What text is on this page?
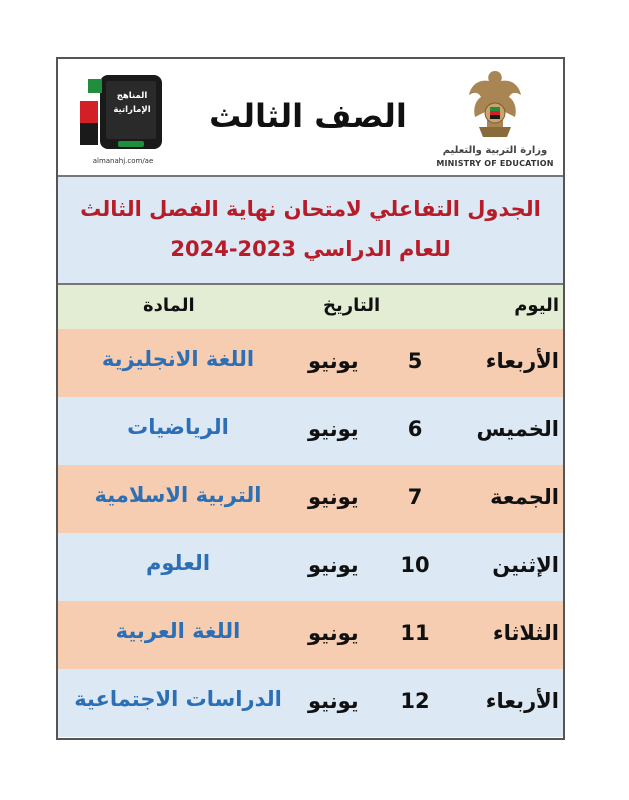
المناهج الإماراتية
almanahj.com/ae
الصف الثالث
وزارة التربية والتعليم
MINISTRY OF EDUCATION
الجدول التفاعلي لامتحان نهاية الفصل الثالث
للعام الدراسي 2023-2024
اليوم
التاريخ
المادة
الأربعاء
5
يونيو
اللغة الانجليزية
الخميس
6
يونيو
الرياضيات
الجمعة
7
يونيو
التربية الاسلامية
الإثنين
10
يونيو
العلوم
الثلاثاء
11
يونيو
اللغة العربية
الأربعاء
12
يونيو
الدراسات الاجتماعية
